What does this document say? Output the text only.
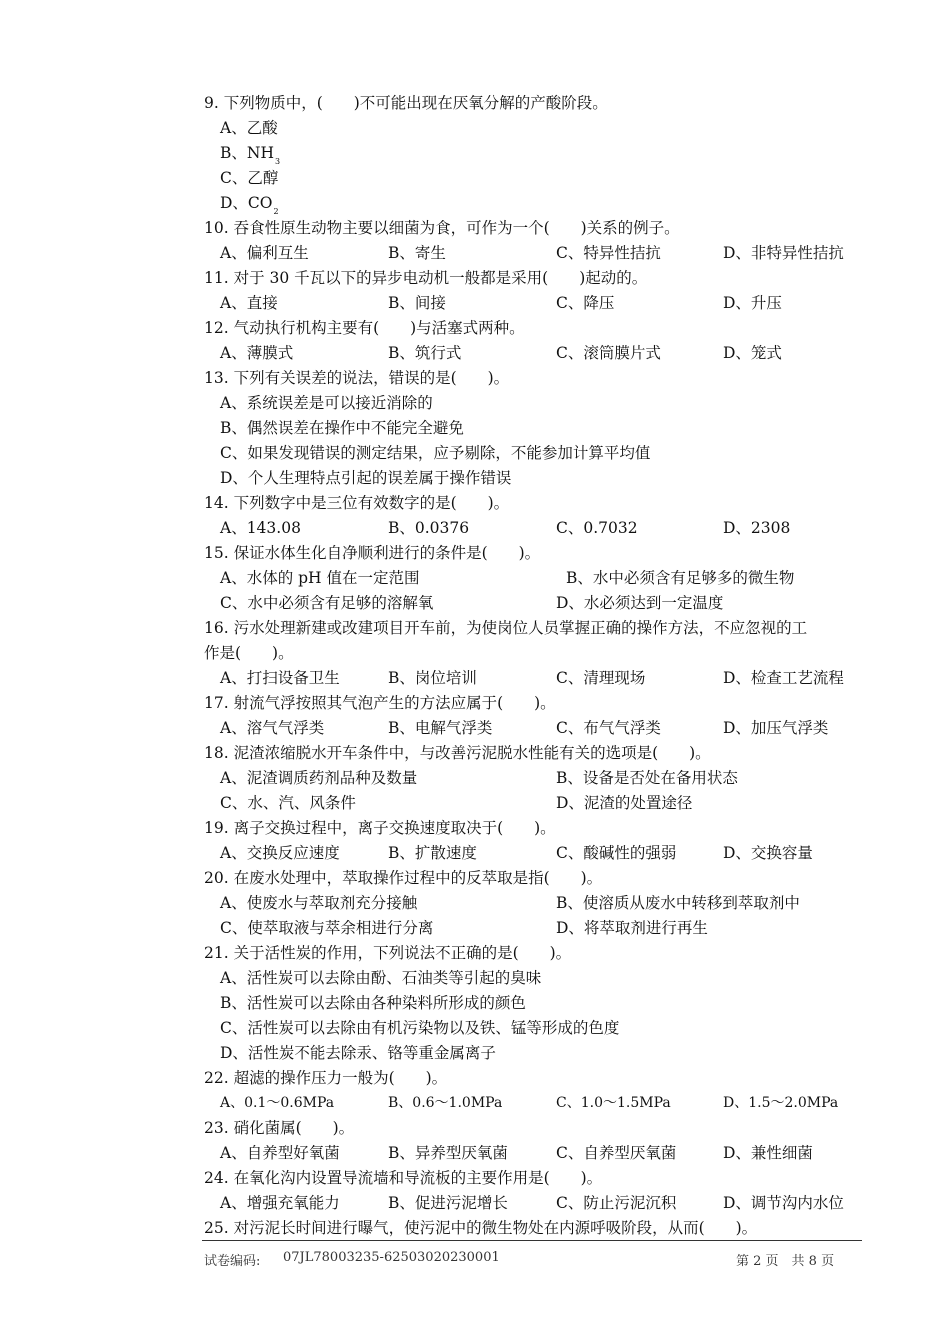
9. 下列物质中，(　　)不可能出现在厌氧分解的产酸阶段。
A、乙酸
B、$NH_3$
C、乙醇
D、$CO_2$
10. 吞食性原生动物主要以细菌为食，可作为一个(　　)关系的例子。
A、偏利互生	B、寄生	C、特异性拮抗	D、非特异性拮抗
11. 对于 30 千瓦以下的异步电动机一般都是采用(　　)起动的。
A、直接	B、间接	C、降压	D、升压
12. 气动执行机构主要有(　　)与活塞式两种。
A、薄膜式	B、筑行式	C、滚筒膜片式	D、笼式
13. 下列有关误差的说法，错误的是(　　)。
A、系统误差是可以接近消除的
B、偶然误差在操作中不能完全避免
C、如果发现错误的测定结果，应予剔除，不能参加计算平均值
D、个人生理特点引起的误差属于操作错误
14. 下列数字中是三位有效数字的是(　　)。
A、143.08	B、0.0376	C、0.7032	D、2308
15. 保证水体生化自净顺利进行的条件是(　　)。
A、水体的 pH 值在一定范围	B、水中必须含有足够多的微生物
C、水中必须含有足够的溶解氧	D、水必须达到一定温度
16. 污水处理新建或改建项目开车前，为使岗位人员掌握正确的操作方法，不应忽视的工
作是(　　)。
A、打扫设备卫生	B、岗位培训	C、清理现场	D、检查工艺流程
17. 射流气浮按照其气泡产生的方法应属于(　　)。
A、溶气气浮类	B、电解气浮类	C、布气气浮类	D、加压气浮类
18. 泥渣浓缩脱水开车条件中，与改善污泥脱水性能有关的选项是(　　)。
A、泥渣调质药剂品种及数量	B、设备是否处在备用状态
C、水、汽、风条件	D、泥渣的处置途径
19. 离子交换过程中，离子交换速度取决于(　　)。
A、交换反应速度	B、扩散速度	C、酸碱性的强弱	D、交换容量
20. 在废水处理中，萃取操作过程中的反萃取是指(　　)。
A、使废水与萃取剂充分接触	B、使溶质从废水中转移到萃取剂中
C、使萃取液与萃余相进行分离	D、将萃取剂进行再生
21. 关于活性炭的作用，下列说法不正确的是(　　)。
A、活性炭可以去除由酚、石油类等引起的臭味
B、活性炭可以去除由各种染料所形成的颜色
C、活性炭可以去除由有机污染物以及铁、锰等形成的色度
D、活性炭不能去除汞、铬等重金属离子
22. 超滤的操作压力一般为(　　)。
A、0.1～0.6MPa	B、0.6～1.0MPa	C、1.0～1.5MPa	D、1.5～2.0MPa
23. 硝化菌属(　　)。
A、自养型好氧菌	B、异养型厌氧菌	C、自养型厌氧菌	D、兼性细菌
24. 在氧化沟内设置导流墙和导流板的主要作用是(　　)。
A、增强充氧能力	B、促进污泥增长	C、防止污泥沉积	D、调节沟内水位
25. 对污泥长时间进行曝气，使污泥中的微生物处在内源呼吸阶段，从而(　　)。
试卷编码: 07JL78003235-62503020230001	第 2 页　共 8 页
